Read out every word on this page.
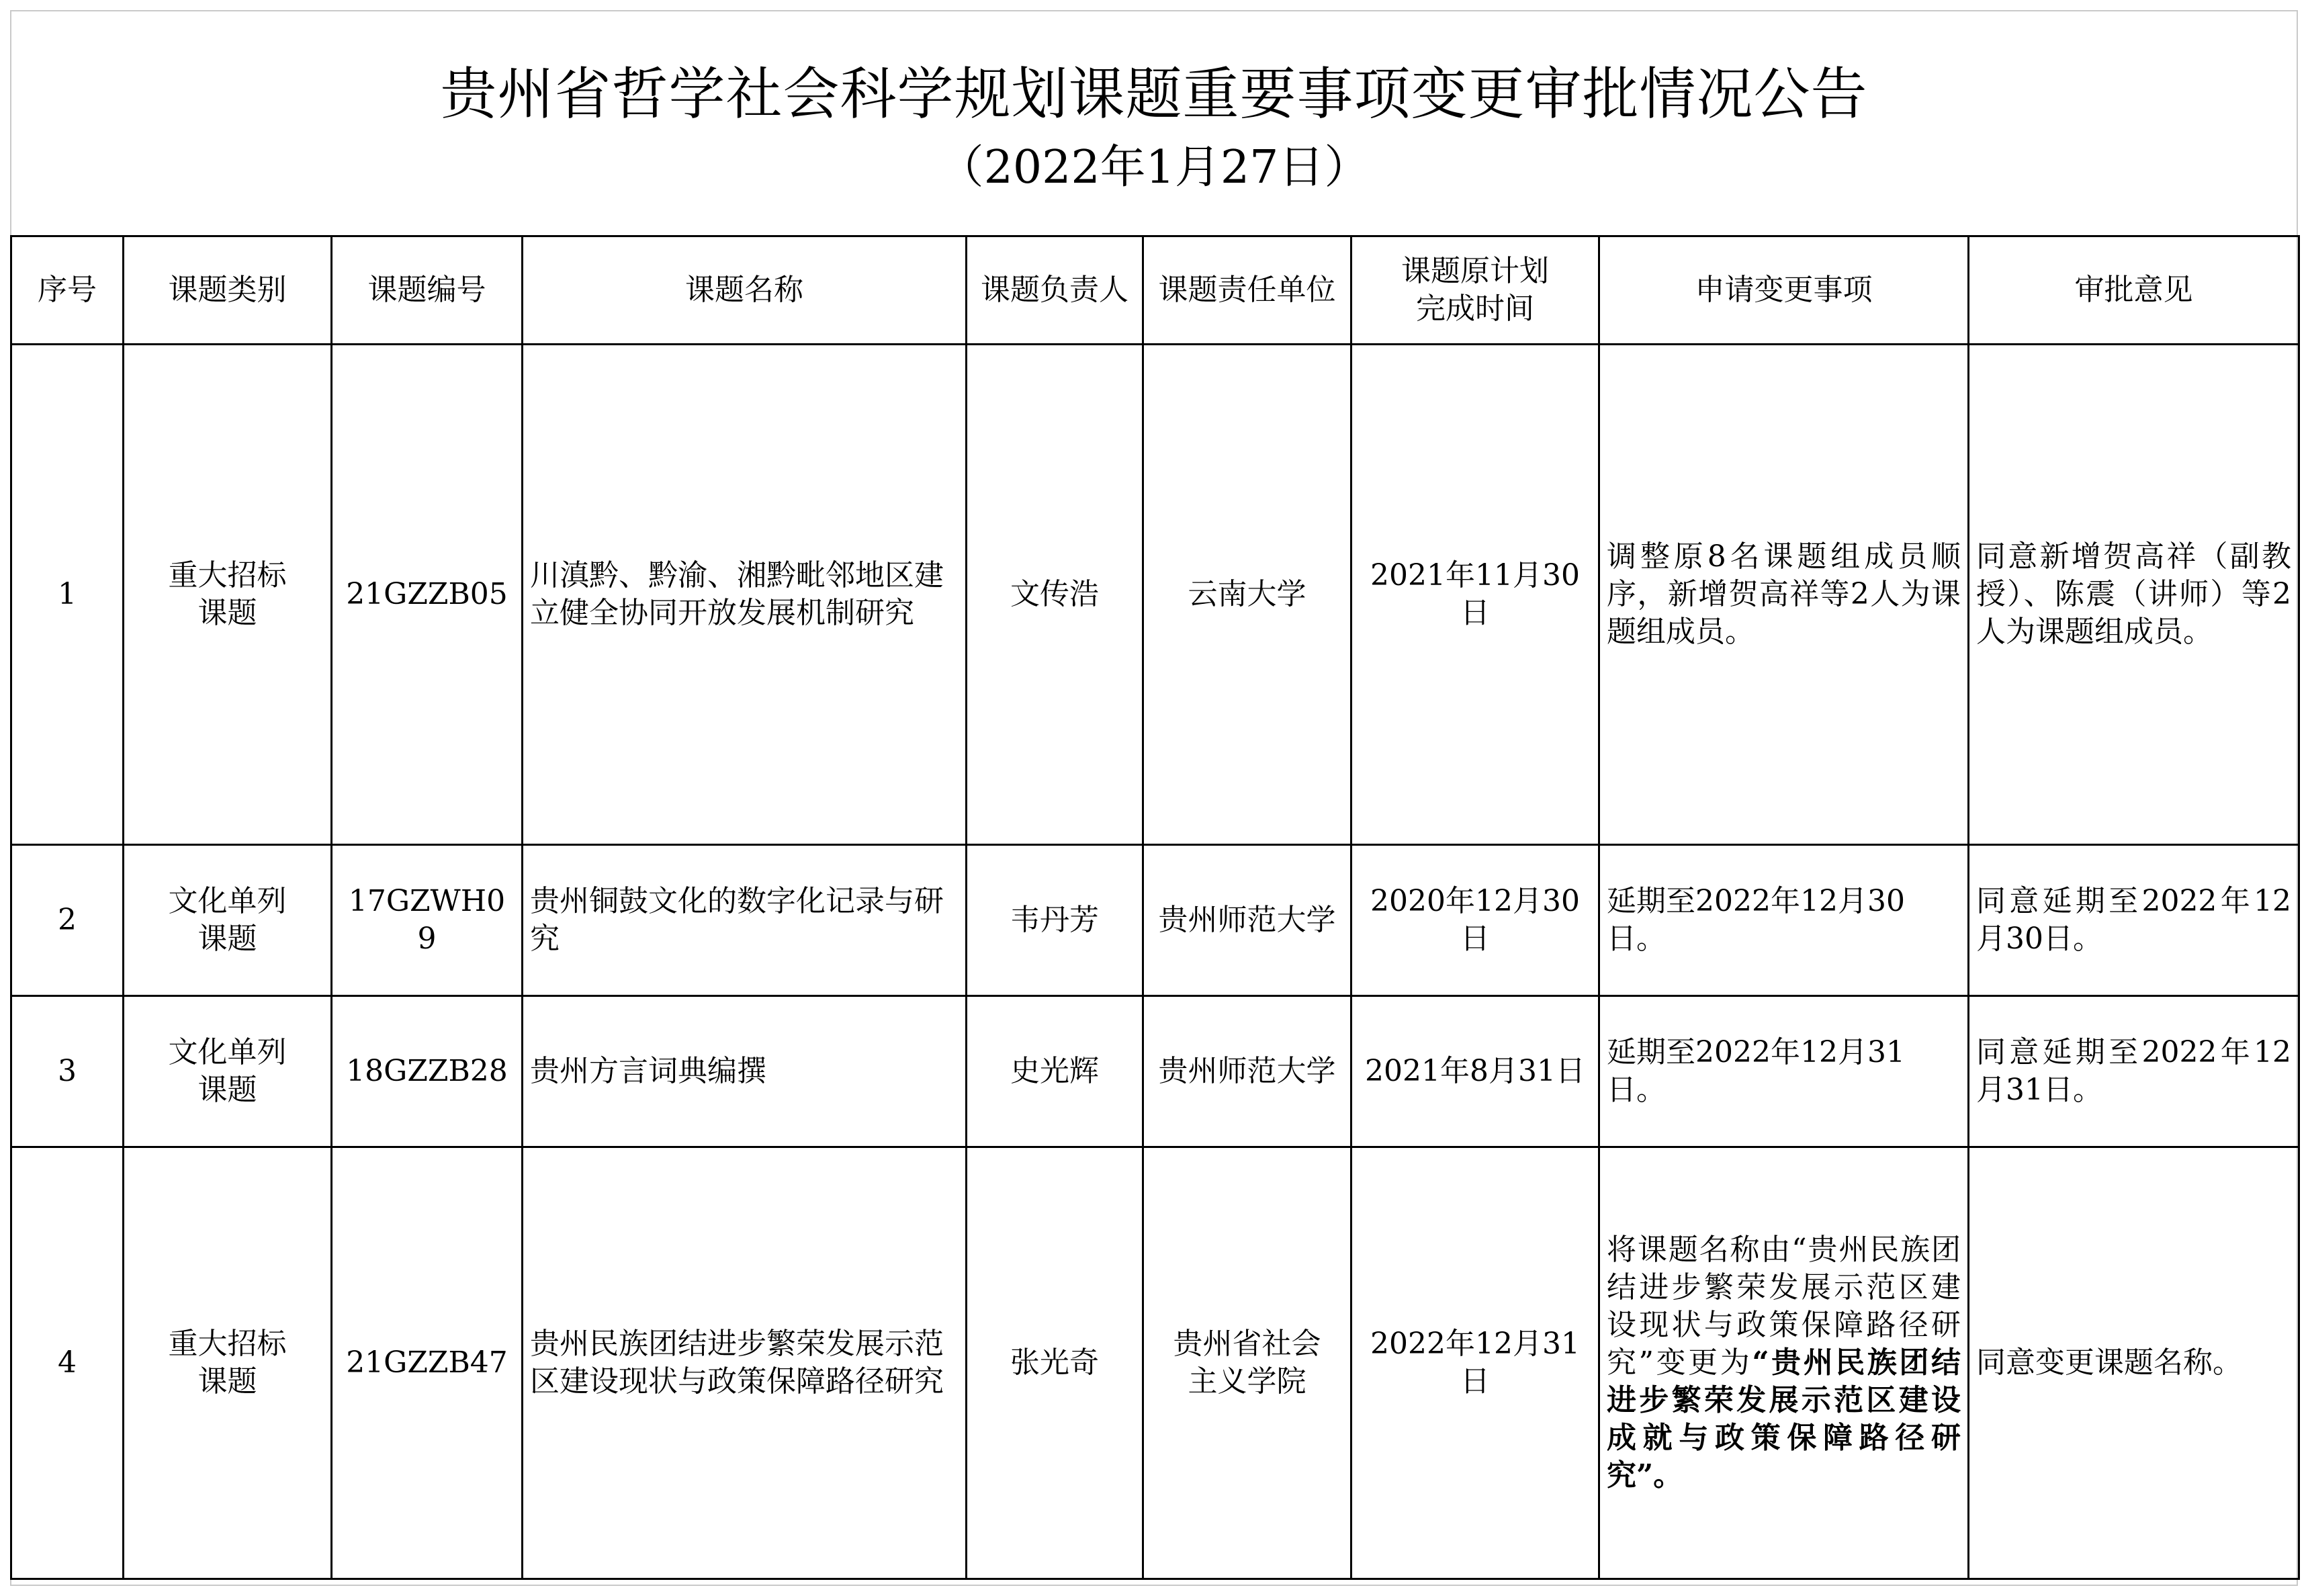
贵州省哲学社会科学规划课题重要事项变更审批情况公告
（2022年1月27日）
序号	课题类别	课题编号	课题名称	课题负责人	课题责任单位	课题原计划
完成时间	申请变更事项	审批意见
1	重大招标
课题	21GZZB05	川滇黔、黔渝、湘黔毗邻地区建立健全协同开放发展机制研究	文传浩	云南大学	2021年11月30日	调整原8名课题组成员顺序，新增贺高祥等2人为课题组成员。	同意新增贺高祥（副教授）、陈震（讲师）等2人为课题组成员。
2	文化单列
课题	17GZWH09	贵州铜鼓文化的数字化记录与研究	韦丹芳	贵州师范大学	2020年12月30日	延期至2022年12月30日。	同意延期至2022年12月30日。
3	文化单列
课题	18GZZB28	贵州方言词典编撰	史光辉	贵州师范大学	2021年8月31日	延期至2022年12月31日。	同意延期至2022年12月31日。
4	重大招标
课题	21GZZB47	贵州民族团结进步繁荣发展示范区建设现状与政策保障路径研究	张光奇	贵州省社会
主义学院	2022年12月31日	将课题名称由“贵州民族团结进步繁荣发展示范区建设现状与政策保障路径研究”变更为“贵州民族团结进步繁荣发展示范区建设成就与政策保障路径研究”。	同意变更课题名称。
